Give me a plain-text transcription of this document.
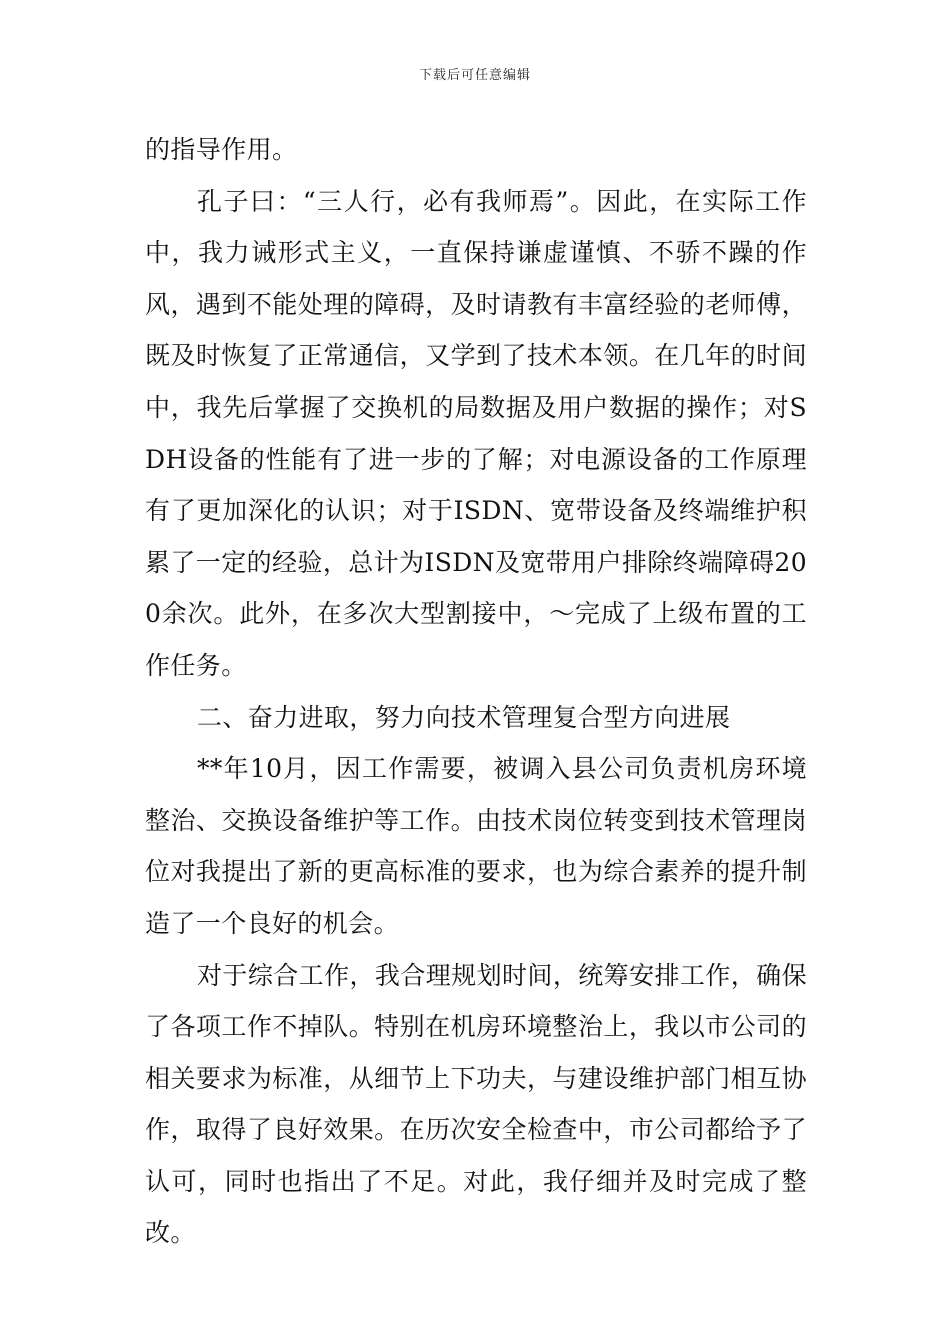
下载后可任意编辑

的指导作用。

孔子曰：“三人行，必有我师焉”。因此，在实际工作中，我力诫形式主义，一直保持谦虚谨慎、不骄不躁的作风，遇到不能处理的障碍，及时请教有丰富经验的老师傅，既及时恢复了正常通信，又学到了技术本领。在几年的时间中，我先后掌握了交换机的局数据及用户数据的操作；对SDH设备的性能有了进一步的了解；对电源设备的工作原理有了更加深化的认识；对于ISDN、宽带设备及终端维护积累了一定的经验，总计为ISDN及宽带用户排除终端障碍200余次。此外，在多次大型割接中，～完成了上级布置的工作任务。

二、奋力进取，努力向技术管理复合型方向进展

**年10月，因工作需要，被调入县公司负责机房环境整治、交换设备维护等工作。由技术岗位转变到技术管理岗位对我提出了新的更高标准的要求，也为综合素养的提升制造了一个良好的机会。

对于综合工作，我合理规划时间，统筹安排工作，确保了各项工作不掉队。特别在机房环境整治上，我以市公司的相关要求为标准，从细节上下功夫，与建设维护部门相互协作，取得了良好效果。在历次安全检查中，市公司都给予了认可，同时也指出了不足。对此，我仔细并及时完成了整改。
